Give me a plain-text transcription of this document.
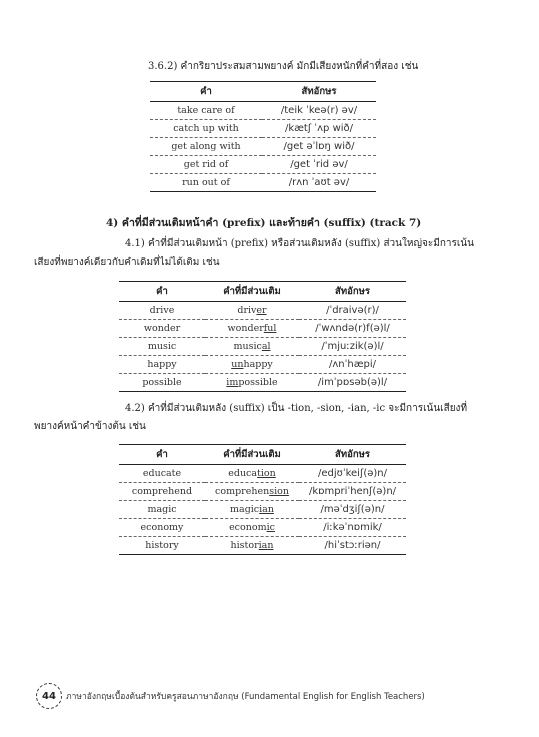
3.6.2) คำกริยาประสมสามพยางค์ มักมีเสียงหนักที่คำที่สอง เช่น
คำ	สัทอักษร
take care of	/teik ˈkeə(r) əv/
catch up with	/kætʃ ˈʌp wið/
get along with	/get əˈlɒŋ wið/
get rid of	/get ˈrid əv/
run out of	/rʌn ˈaʊt əv/
4) คำที่มีส่วนเติมหน้าคำ (prefix) และท้ายคำ (suffix) (track 7)
4.1) คำที่มีส่วนเติมหน้า (prefix) หรือส่วนเติมหลัง (suffix) ส่วนใหญ่จะมีการเน้น
เสียงที่พยางค์เดียวกับคำเดิมที่ไม่ได้เติม เช่น
คำ	คำที่มีส่วนเติม	สัทอักษร
drive	driver	/ˈdraivə(r)/
wonder	wonderful	/ˈwʌndə(r)f(ə)l/
music	musical	/ˈmjuːzik(ə)l/
happy	unhappy	/ʌnˈhæpi/
possible	impossible	/imˈpɒsəb(ə)l/
4.2) คำที่มีส่วนเติมหลัง (suffix) เป็น -tion, -sion, -ian, -ic จะมีการเน้นเสียงที่
พยางค์หน้าคำข้างต้น เช่น
คำ	คำที่มีส่วนเติม	สัทอักษร
educate	education	/edjʊˈkeiʃ(ə)n/
comprehend	comprehension	/kɒmpriˈhenʃ(ə)n/
magic	magician	/məˈdʒiʃ(ə)n/
economy	economic	/iːkəˈnɒmik/
history	historian	/hiˈstɔːriən/
44	ภาษาอังกฤษเบื้องต้นสำหรับครูสอนภาษาอังกฤษ (Fundamental English for English Teachers)
